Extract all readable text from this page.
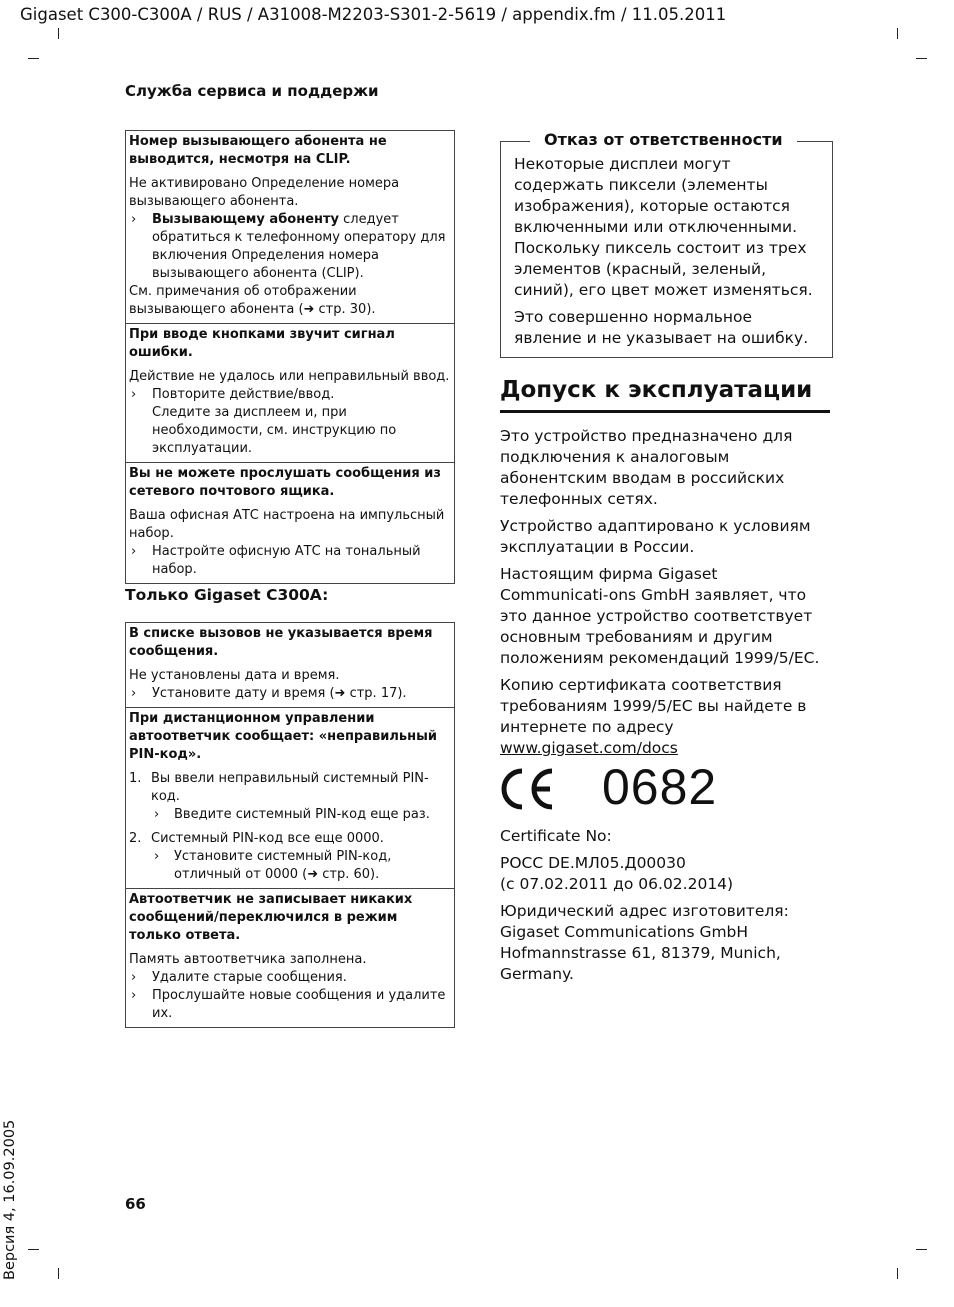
Gigaset C300-C300A / RUS / A31008-M2203-S301-2-5619 / appendix.fm / 11.05.2011
Служба сервиса и поддержи
Номер вызывающего абонента не выводится, несмотря на CLIP.
Не активировано Определение номера вызывающего абонента.
› Вызывающему абоненту следует обратиться к телефонному оператору для включения Определения номера вызывающего абонента (CLIP).
См. примечания об отображении вызывающего абонента (➜ стр. 30).
При вводе кнопками звучит сигнал ошибки.
Действие не удалось или неправильный ввод.
› Повторите действие/ввод.
Следите за дисплеем и, при необходимости, см. инструкцию по эксплуатации.
Вы не можете прослушать сообщения из сетевого почтового ящика.
Ваша офисная АТС настроена на импульсный набор.
› Настройте офисную АТС на тональный набор.
Только Gigaset C300A:
В списке вызовов не указывается время сообщения.
Не установлены дата и время.
› Установите дату и время (➜ стр. 17).
При дистанционном управлении автоответчик сообщает: «неправильный PIN-код».
1. Вы ввели неправильный системный PIN-код.
› Введите системный PIN-код еще раз.
2. Системный PIN-код все еще 0000.
› Установите системный PIN-код, отличный от 0000 (➜ стр. 60).
Автоответчик не записывает никаких сообщений/переключился в режим только ответа.
Память автоответчика заполнена.
› Удалите старые сообщения.
› Прослушайте новые сообщения и удалите их.
Отказ от ответственности

Некоторые дисплеи могут содержать пиксели (элементы изображения), которые остаются включенными или отключенными. Поскольку пиксель состоит из трех элементов (красный, зеленый, синий), его цвет может изменяться.

Это совершенно нормальное явление и не указывает на ошибку.

Допуск к эксплуатации

Это устройство предназначено для подключения к аналоговым абонентским вводам в российских телефонных сетях.

Устройство адаптировано к условиям эксплуатации в России.

Настоящим фирма Gigaset Communicati-ons GmbH заявляет, что это данное устройство соответствует основным требованиям и другим положениям рекомендаций 1999/5/EC.

Копию сертификата соответствия требованиям 1999/5/EC вы найдете в интернете по адресу
www.gigaset.com/docs

0682

Certificate No:

РОСС DE.МЛ05.Д00030
(с 07.02.2011 до 06.02.2014)

Юридический адрес изготовителя:
Gigaset Communications GmbH
Hofmannstrasse 61, 81379, Munich,
Germany.

66
Версия 4, 16.09.2005
